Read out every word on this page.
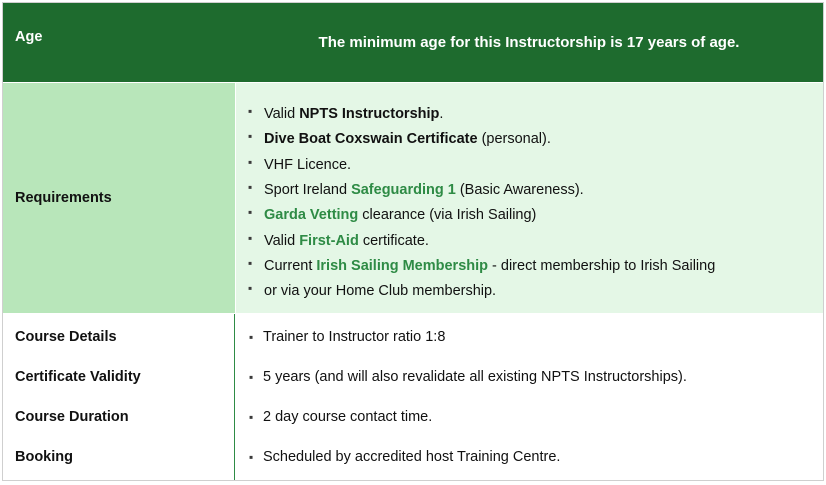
Age	The minimum age for this Instructorship is 17 years of age.
Requirements
▪ Valid NPTS Instructorship.
▪ Dive Boat Coxswain Certificate (personal).
▪ VHF Licence.
▪ Sport Ireland Safeguarding 1 (Basic Awareness).
▪ Garda Vetting clearance (via Irish Sailing)
▪ Valid First-Aid certificate.
▪ Current Irish Sailing Membership - direct membership to Irish Sailing
▪ or via your Home Club membership.
Course Details
Certificate Validity
Course Duration
Booking
▪ Trainer to Instructor ratio 1:8
▪ 5 years (and will also revalidate all existing NPTS Instructorships).
▪ 2 day course contact time.
▪ Scheduled by accredited host Training Centre.
